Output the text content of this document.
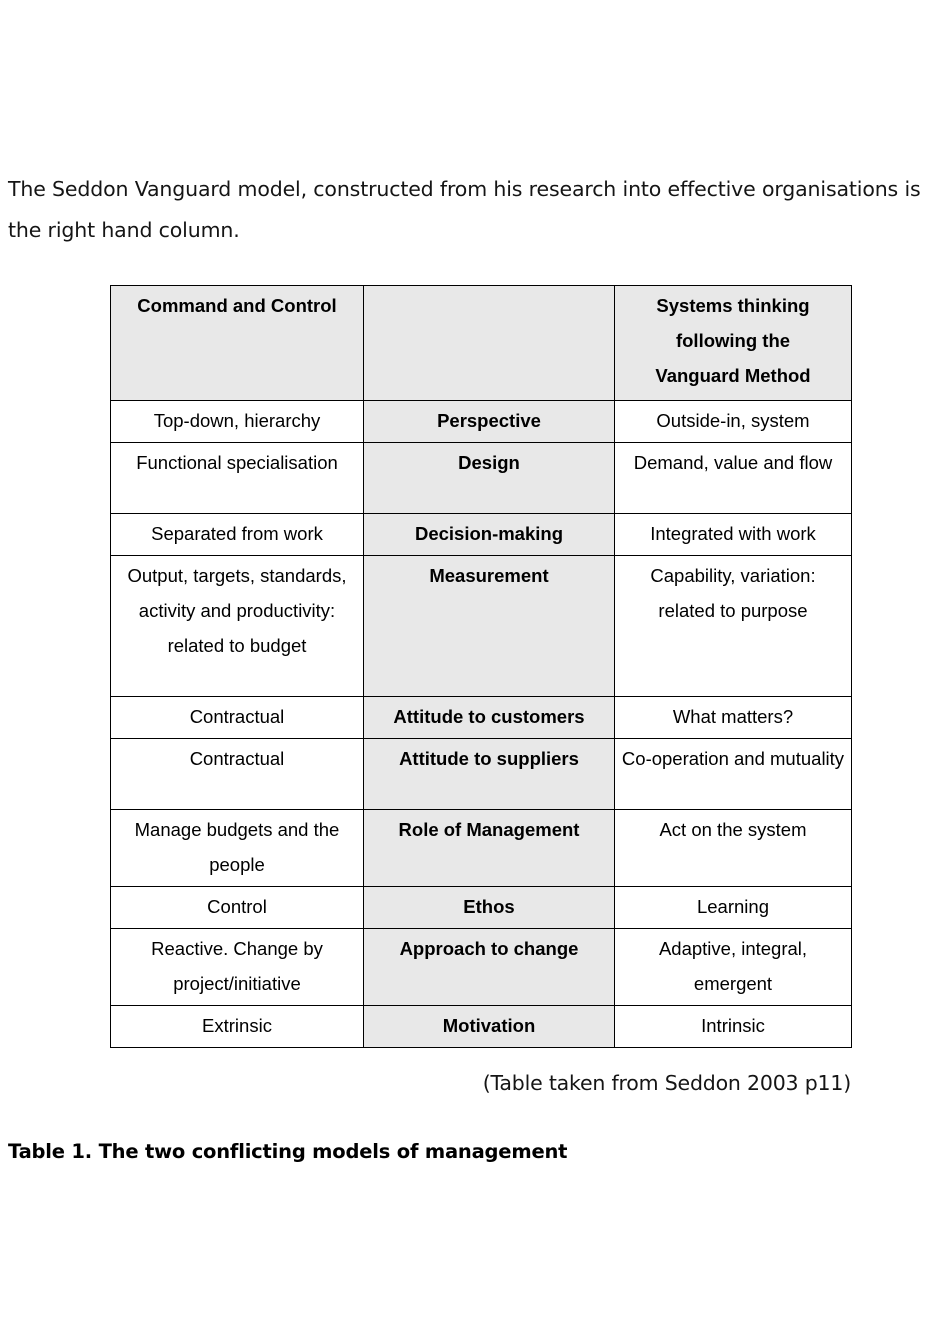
The Seddon Vanguard model, constructed from his research into effective organisations is the right hand column.

Command and Control		Systems thinking
following the
Vanguard Method
Top-down, hierarchy	Perspective	Outside-in, system
Functional specialisation	Design	Demand, value and flow
Separated from work	Decision-making	Integrated with work
Output, targets, standards, activity and productivity: related to budget	Measurement	Capability, variation: related to purpose
Contractual	Attitude to customers	What matters?
Contractual	Attitude to suppliers	Co-operation and mutuality
Manage budgets and the people	Role of Management	Act on the system
Control	Ethos	Learning
Reactive. Change by project/initiative	Approach to change	Adaptive, integral, emergent
Extrinsic	Motivation	Intrinsic

(Table taken from Seddon 2003 p11)

Table 1. The two conflicting models of management
